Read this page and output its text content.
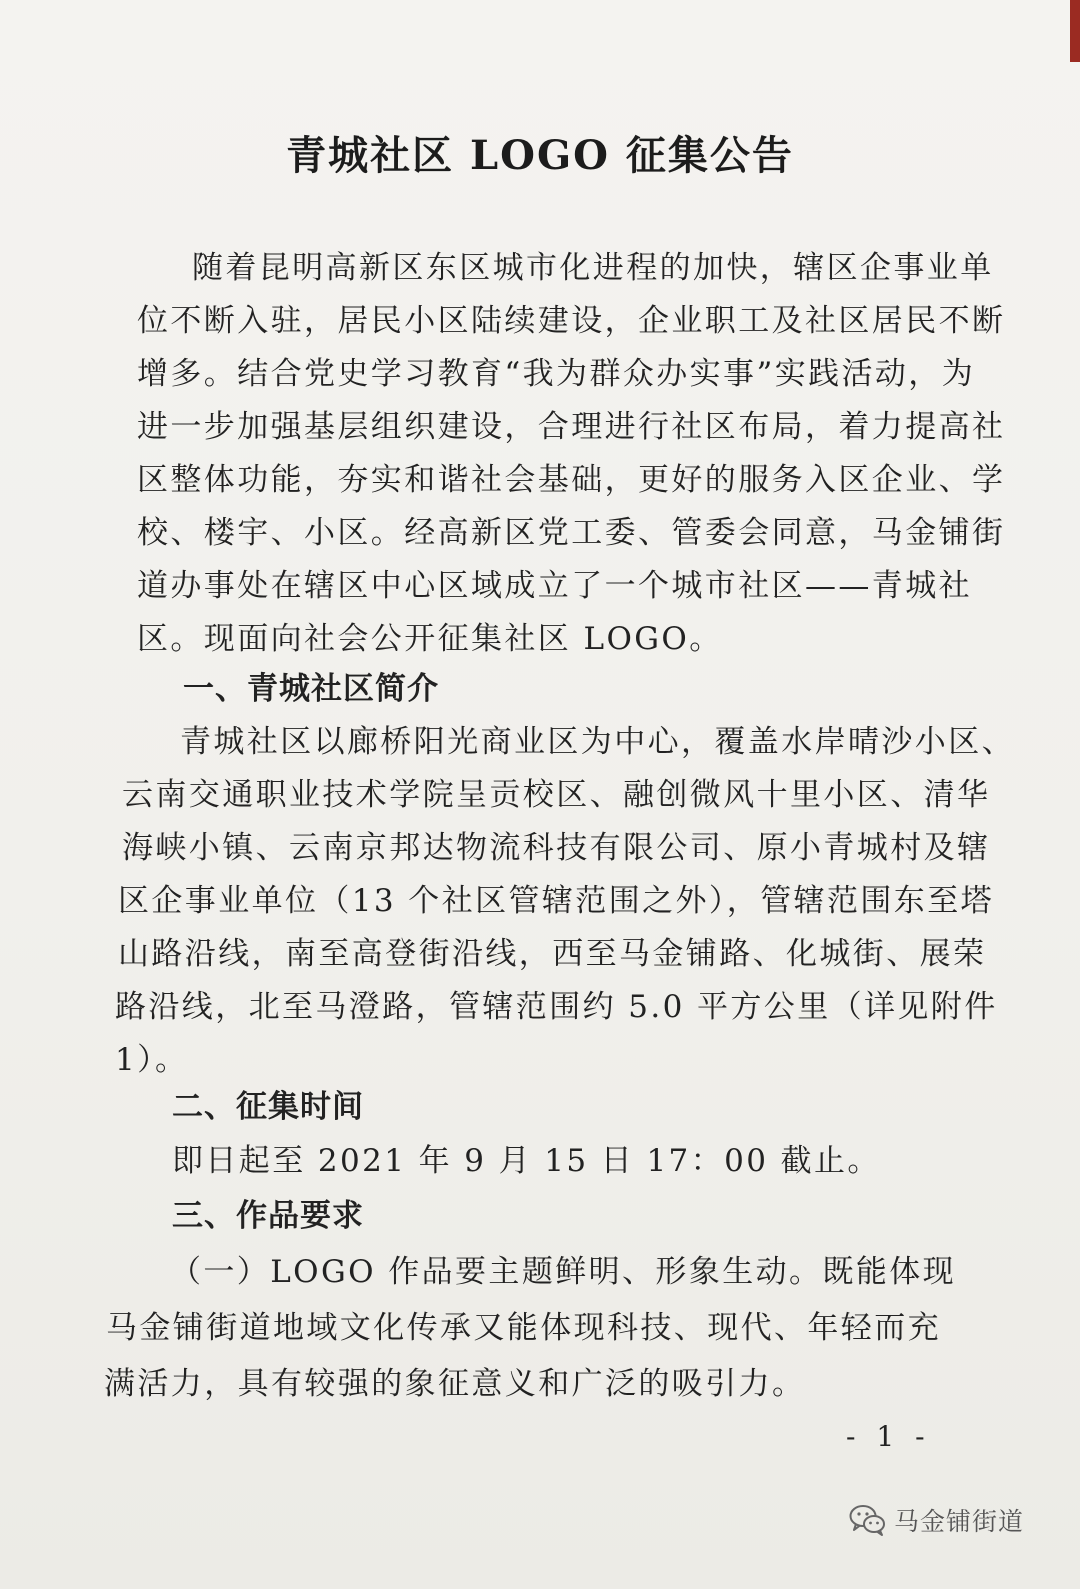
青城社区 LOGO 征集公告
随着昆明高新区东区城市化进程的加快，辖区企事业单
位不断入驻，居民小区陆续建设，企业职工及社区居民不断
增多。结合党史学习教育“我为群众办实事”实践活动，为
进一步加强基层组织建设，合理进行社区布局，着力提高社
区整体功能，夯实和谐社会基础，更好的服务入区企业、学
校、楼宇、小区。经高新区党工委、管委会同意，马金铺街
道办事处在辖区中心区域成立了一个城市社区——青城社
区。现面向社会公开征集社区 LOGO。
一、青城社区简介
青城社区以廊桥阳光商业区为中心，覆盖水岸晴沙小区、
云南交通职业技术学院呈贡校区、融创微风十里小区、清华
海峡小镇、云南京邦达物流科技有限公司、原小青城村及辖
区企事业单位（13 个社区管辖范围之外），管辖范围东至塔
山路沿线，南至高登街沿线，西至马金铺路、化城街、展荣
路沿线，北至马澄路，管辖范围约 5.0 平方公里（详见附件
1）。
二、征集时间
即日起至 2021 年 9 月 15 日 17：00 截止。
三、作品要求
（一）LOGO 作品要主题鲜明、形象生动。既能体现
马金铺街道地域文化传承又能体现科技、现代、年轻而充
满活力，具有较强的象征意义和广泛的吸引力。
- 1 -
马金铺街道
